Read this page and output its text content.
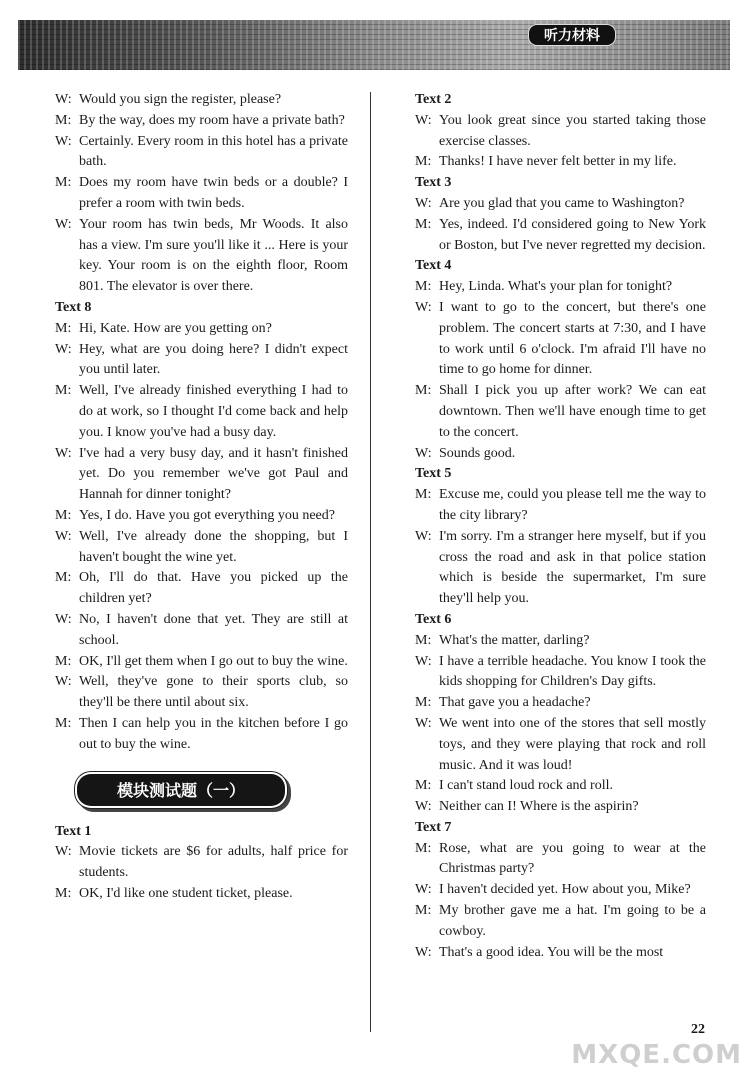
听力材料
W: Would you sign the register, please?
M: By the way, does my room have a private bath?
W: Certainly. Every room in this hotel has a private bath.
M: Does my room have twin beds or a double? I prefer a room with twin beds.
W: Your room has twin beds, Mr Woods. It also has a view. I'm sure you'll like it ... Here is your key. Your room is on the eighth floor, Room 801. The elevator is over there.
Text 8
M: Hi, Kate. How are you getting on?
W: Hey, what are you doing here? I didn't expect you until later.
M: Well, I've already finished everything I had to do at work, so I thought I'd come back and help you. I know you've had a busy day.
W: I've had a very busy day, and it hasn't finished yet. Do you remember we've got Paul and Hannah for dinner tonight?
M: Yes, I do. Have you got everything you need?
W: Well, I've already done the shopping, but I haven't bought the wine yet.
M: Oh, I'll do that. Have you picked up the children yet?
W: No, I haven't done that yet. They are still at school.
M: OK, I'll get them when I go out to buy the wine.
W: Well, they've gone to their sports club, so they'll be there until about six.
M: Then I can help you in the kitchen before I go out to buy the wine.
模块测试题（一）
Text 1
W: Movie tickets are $6 for adults, half price for students.
M: OK, I'd like one student ticket, please.
Text 2
W: You look great since you started taking those exercise classes.
M: Thanks! I have never felt better in my life.
Text 3
W: Are you glad that you came to Washington?
M: Yes, indeed. I'd considered going to New York or Boston, but I've never regretted my decision.
Text 4
M: Hey, Linda. What's your plan for tonight?
W: I want to go to the concert, but there's one problem. The concert starts at 7:30, and I have to work until 6 o'clock. I'm afraid I'll have no time to go home for dinner.
M: Shall I pick you up after work? We can eat downtown. Then we'll have enough time to get to the concert.
W: Sounds good.
Text 5
M: Excuse me, could you please tell me the way to the city library?
W: I'm sorry. I'm a stranger here myself, but if you cross the road and ask in that police station which is beside the supermarket, I'm sure they'll help you.
Text 6
M: What's the matter, darling?
W: I have a terrible headache. You know I took the kids shopping for Children's Day gifts.
M: That gave you a headache?
W: We went into one of the stores that sell mostly toys, and they were playing that rock and roll music. And it was loud!
M: I can't stand loud rock and roll.
W: Neither can I! Where is the aspirin?
Text 7
M: Rose, what are you going to wear at the Christmas party?
W: I haven't decided yet. How about you, Mike?
M: My brother gave me a hat. I'm going to be a cowboy.
W: That's a good idea. You will be the most
22
MXQE.COM
